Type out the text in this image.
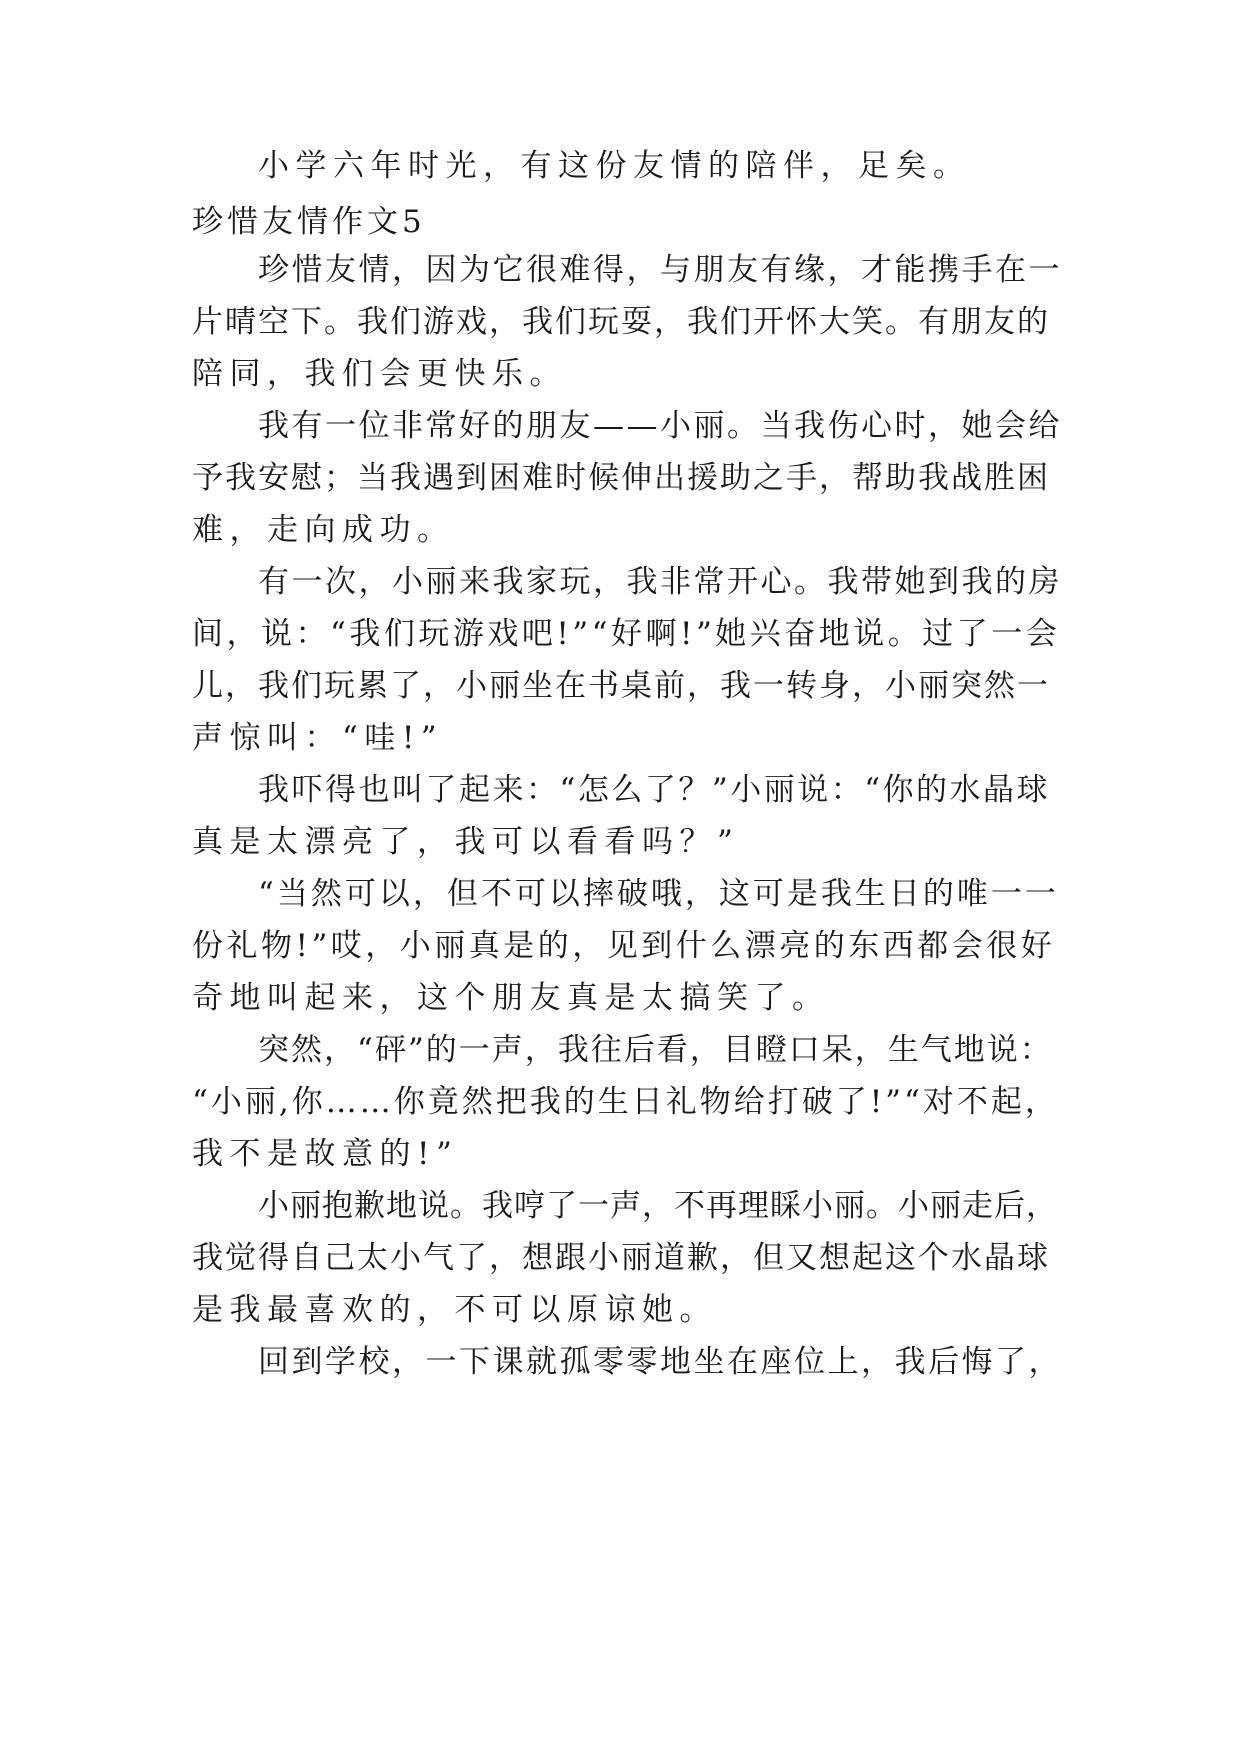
小学六年时光，有这份友情的陪伴，足矣。

珍惜友情作文5

珍惜友情，因为它很难得，与朋友有缘，才能携手在一

片晴空下。我们游戏，我们玩耍，我们开怀大笑。有朋友的

陪同，我们会更快乐。

我有一位非常好的朋友——小丽。当我伤心时，她会给

予我安慰；当我遇到困难时候伸出援助之手，帮助我战胜困

难，走向成功。

有一次，小丽来我家玩，我非常开心。我带她到我的房

间，说：“我们玩游戏吧!”“好啊!”她兴奋地说。过了一会

儿，我们玩累了，小丽坐在书桌前，我一转身，小丽突然一

声惊叫：“哇!”

我吓得也叫了起来：“怎么了？”小丽说：“你的水晶球

真是太漂亮了，我可以看看吗？”

“当然可以，但不可以摔破哦，这可是我生日的唯一一

份礼物!”哎，小丽真是的，见到什么漂亮的东西都会很好

奇地叫起来，这个朋友真是太搞笑了。

突然，“砰”的一声，我往后看，目瞪口呆，生气地说：

“小丽,你……你竟然把我的生日礼物给打破了!”“对不起，

我不是故意的!”

小丽抱歉地说。我哼了一声，不再理睬小丽。小丽走后，

我觉得自己太小气了，想跟小丽道歉，但又想起这个水晶球

是我最喜欢的，不可以原谅她。

回到学校，一下课就孤零零地坐在座位上，我后悔了，
